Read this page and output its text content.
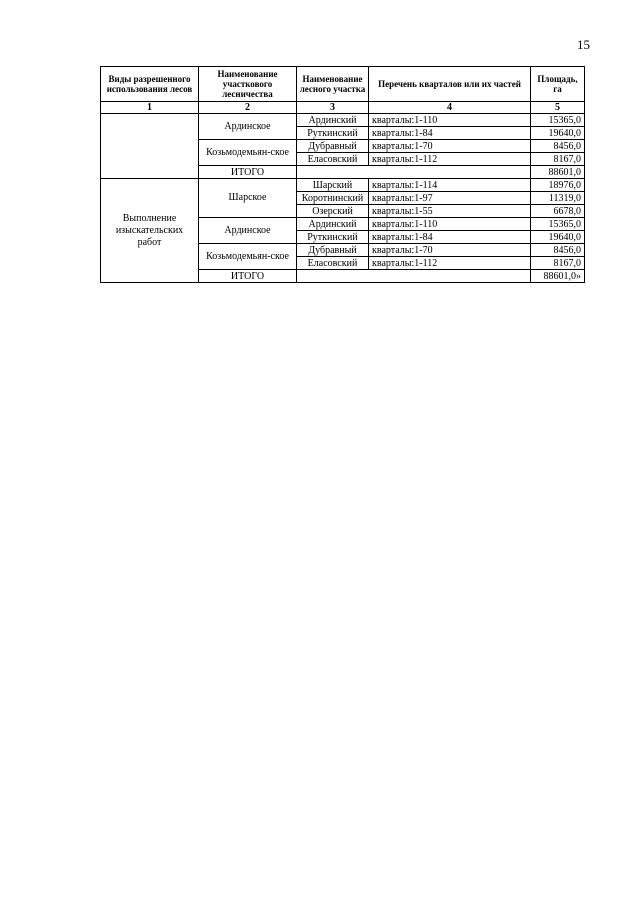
15
Виды разрешенного использования лесов	Наименование участкового лесничества	Наименование лесного участка	Перечень кварталов или их частей	Площадь, га
1	2	3	4	5
	Ардинское	Ардинский	кварталы:1-110	15365,0
		Руткинский	кварталы:1-84	19640,0
	Козьмодемьян-ское	Дубравный	кварталы:1-70	8456,0
		Еласовский	кварталы:1-112	8167,0
	ИТОГО			88601,0
Выполнение изыскательских работ	Шарское	Шарский	кварталы:1-114	18976,0
		Коротнинский	кварталы:1-97	11319,0
		Озерский	кварталы:1-55	6678,0
	Ардинское	Ардинский	кварталы:1-110	15365,0
		Руткинский	кварталы:1-84	19640,0
	Козьмодемьян-ское	Дубравный	кварталы:1-70	8456,0
		Еласовский	кварталы:1-112	8167,0
	ИТОГО			88601,0»
